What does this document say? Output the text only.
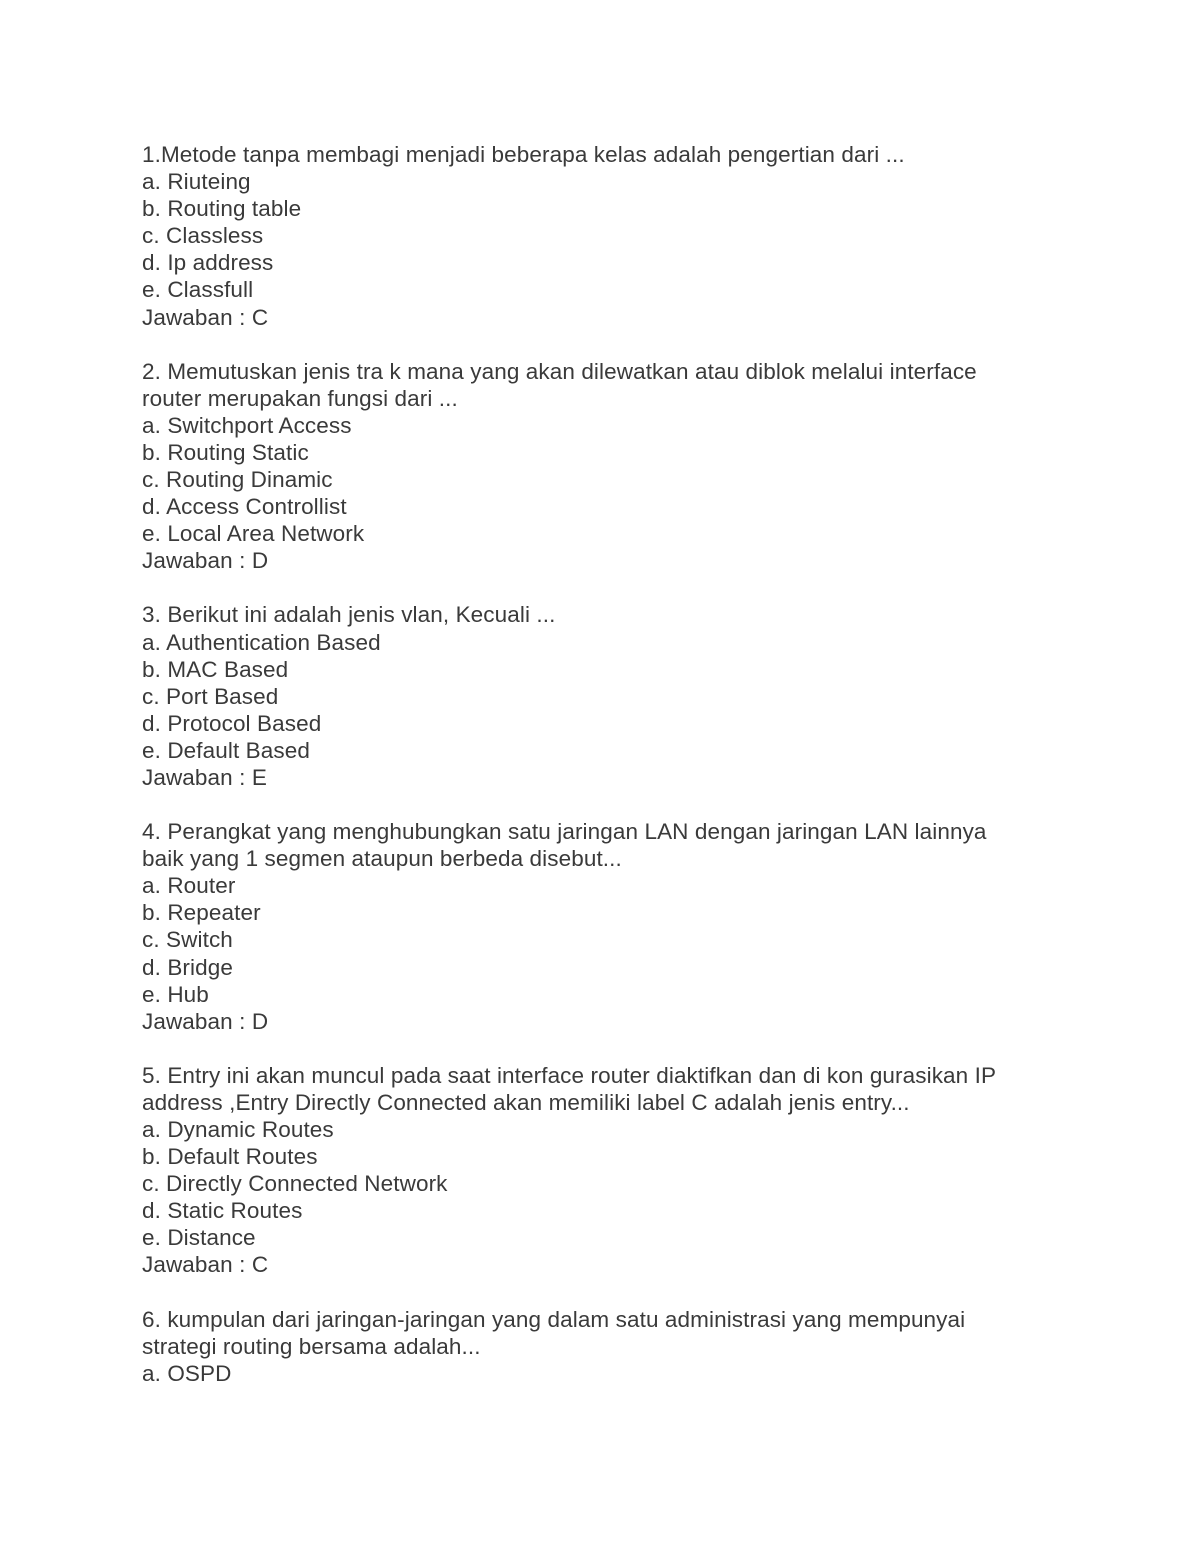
1.Metode tanpa membagi menjadi beberapa kelas adalah pengertian dari ...
a. Riuteing
b. Routing table
c. Classless
d. Ip address
e. Classfull
Jawaban : C
2. Memutuskan jenis tra k mana yang akan dilewatkan atau diblok melalui interface
router merupakan fungsi dari ...
a. Switchport Access
b. Routing Static
c. Routing Dinamic
d. Access Controllist
e. Local Area Network
Jawaban : D
3. Berikut ini adalah jenis vlan, Kecuali ...
a. Authentication Based
b. MAC Based
c. Port Based
d. Protocol Based
e. Default Based
Jawaban : E
4. Perangkat yang menghubungkan satu jaringan LAN dengan jaringan LAN lainnya
baik yang 1 segmen ataupun berbeda disebut...
a. Router
b. Repeater
c. Switch
d. Bridge
e. Hub
Jawaban : D
5. Entry ini akan muncul pada saat interface router diaktifkan dan di kon gurasikan IP
address ,Entry Directly Connected akan memiliki label C adalah jenis entry...
a. Dynamic Routes
b. Default Routes
c. Directly Connected Network
d. Static Routes
e. Distance
Jawaban : C
6. kumpulan dari jaringan-jaringan yang dalam satu administrasi yang mempunyai
strategi routing bersama adalah...
a. OSPD
